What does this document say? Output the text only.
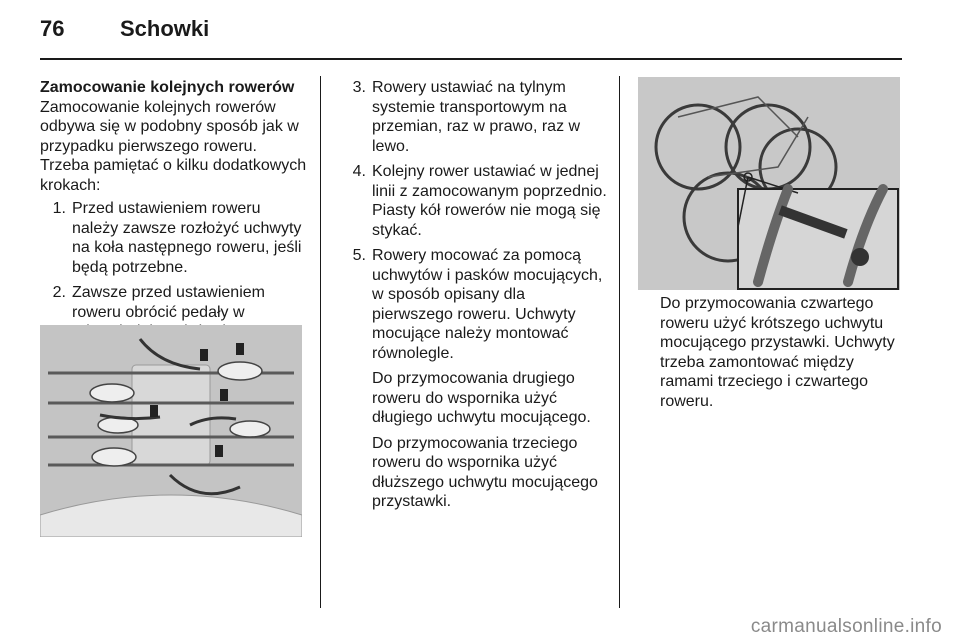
76	Schowki

Zamocowanie kolejnych rowerów

Zamocowanie kolejnych rowerów odbywa się w podobny sposób jak w przypadku pierwszego roweru. Trzeba pamiętać o kilku dodatkowych krokach:

1. Przed ustawieniem roweru należy zawsze rozłożyć uchwyty na koła następnego roweru, jeśli będą potrzebne.
2. Zawsze przed ustawieniem roweru obrócić pedały w
3. Rowery ustawiać na tylnym systemie transportowym na przemian, raz w prawo, raz w lewo.
4. Kolejny rower ustawiać w jednej linii z zamocowanym poprzednio. Piasty kół rowerów nie mogą się stykać.
5. Rowery mocować za pomocą uchwytów i pasków mocujących, w sposób opisany dla pierwszego roweru. Uchwyty mocujące należy montować równolegle.

Do przymocowania drugiego roweru do wspornika użyć długiego uchwytu mocującego.

Do przymocowania trzeciego roweru do wspornika użyć dłuższego uchwytu mocującego przystawki.

Do przymocowania czwartego roweru użyć krótszego uchwytu mocującego przystawki. Uchwyty trzeba zamontować między ramami trzeciego i czwartego roweru.

carmanualsonline.info
